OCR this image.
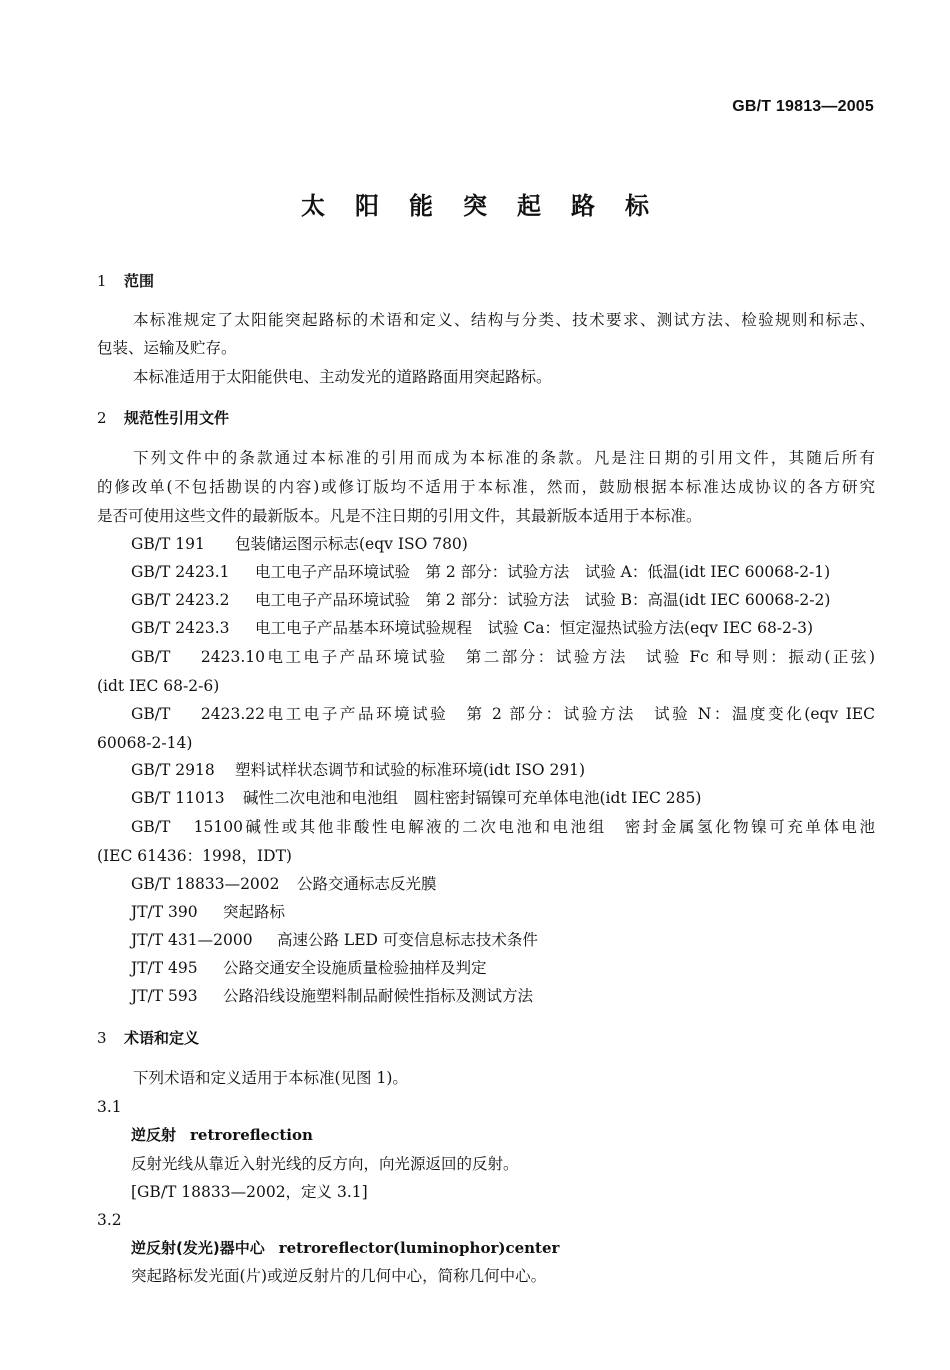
GB/T 19813—2005
太阳能突起路标
1 范围
本标准规定了太阳能突起路标的术语和定义、结构与分类、技术要求、测试方法、检验规则和标志、
包装、运输及贮存。
本标准适用于太阳能供电、主动发光的道路路面用突起路标。
2 规范性引用文件
下列文件中的条款通过本标准的引用而成为本标准的条款。凡是注日期的引用文件，其随后所有
的修改单(不包括勘误的内容)或修订版均不适用于本标准，然而，鼓励根据本标准达成协议的各方研究
是否可使用这些文件的最新版本。凡是不注日期的引用文件，其最新版本适用于本标准。
GB/T 191 包装储运图示标志(eqv ISO 780)
GB/T 2423.1 电工电子产品环境试验　第 2 部分：试验方法　试验 A：低温(idt IEC 60068-2-1)
GB/T 2423.2 电工电子产品环境试验　第 2 部分：试验方法　试验 B：高温(idt IEC 60068-2-2)
GB/T 2423.3 电工电子产品基本环境试验规程　试验 Ca：恒定湿热试验方法(eqv IEC 68-2-3)
GB/T 2423.10电工电子产品环境试验　第二部分：试验方法　试验 Fc 和导则：振动(正弦)
(idt IEC 68-2-6)
GB/T 2423.22电工电子产品环境试验　第 2 部分：试验方法　试验 N：温度变化(eqv IEC
60068-2-14)
GB/T 2918 塑料试样状态调节和试验的标准环境(idt ISO 291)
GB/T 11013 碱性二次电池和电池组　圆柱密封镉镍可充单体电池(idt IEC 285)
GB/T 15100碱性或其他非酸性电解液的二次电池和电池组　密封金属氢化物镍可充单体电池
(IEC 61436：1998，IDT)
GB/T 18833—2002 公路交通标志反光膜
JT/T 390 突起路标
JT/T 431—2000 高速公路 LED 可变信息标志技术条件
JT/T 495 公路交通安全设施质量检验抽样及判定
JT/T 593 公路沿线设施塑料制品耐候性指标及测试方法
3 术语和定义
下列术语和定义适用于本标准(见图 1)。
3.1
逆反射 retroreflection
反射光线从靠近入射光线的反方向，向光源返回的反射。
[GB/T 18833—2002，定义 3.1]
3.2
逆反射(发光)器中心 retroreflector(luminophor)center
突起路标发光面(片)或逆反射片的几何中心，简称几何中心。
